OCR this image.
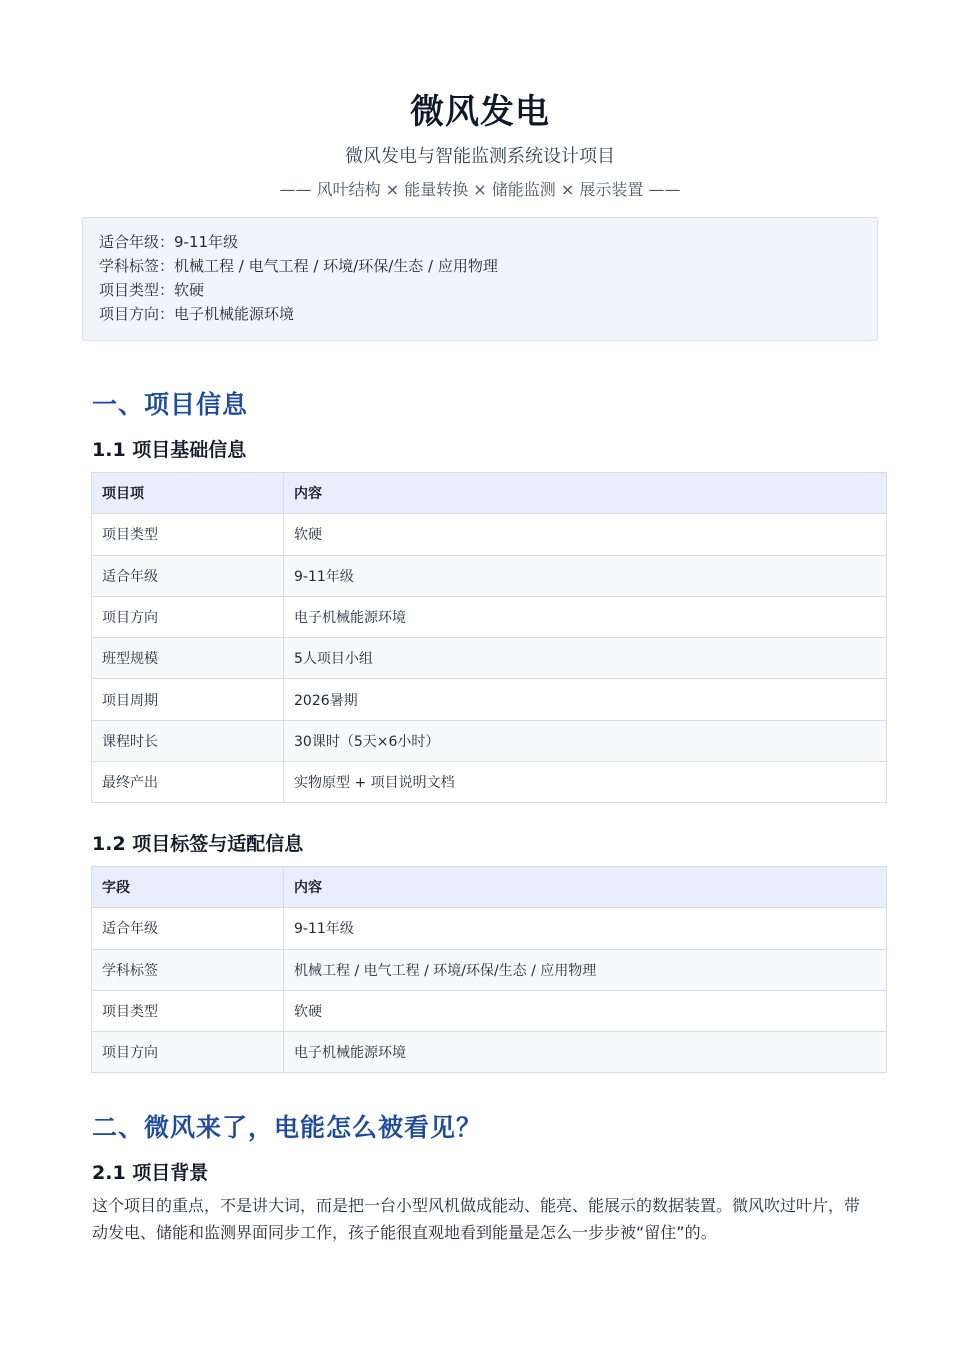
微风发电
微风发电与智能监测系统设计项目
—— 风叶结构 × 能量转换 × 储能监测 × 展示装置 ——
适合年级：9-11年级
学科标签：机械工程 / 电气工程 / 环境/环保/生态 / 应用物理
项目类型：软硬
项目方向：电子机械能源环境
一、项目信息
1.1 项目基础信息
项目项	内容
项目类型	软硬
适合年级	9-11年级
项目方向	电子机械能源环境
班型规模	5人项目小组
项目周期	2026暑期
课程时长	30课时（5天×6小时）
最终产出	实物原型 + 项目说明文档
1.2 项目标签与适配信息
字段	内容
适合年级	9-11年级
学科标签	机械工程 / 电气工程 / 环境/环保/生态 / 应用物理
项目类型	软硬
项目方向	电子机械能源环境
二、微风来了，电能怎么被看见？
2.1 项目背景
这个项目的重点，不是讲大词，而是把一台小型风机做成能动、能亮、能展示的数据装置。微风吹过叶片，带动发电、储能和监测界面同步工作，孩子能很直观地看到能量是怎么一步步被“留住”的。
